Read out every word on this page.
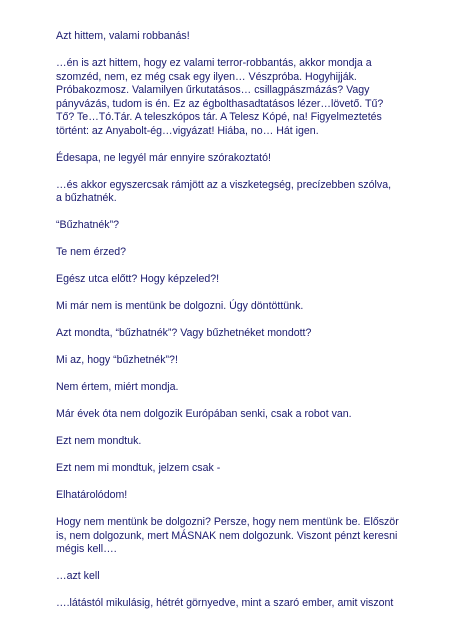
Azt hittem, valami robbanás!
…én is azt hittem, hogy ez valami terror-robbantás, akkor mondja a
szomzéd, nem, ez még csak egy ilyen… Vészpróba. Hogyhijják.
Próbakozmosz. Valamilyen űrkutatásos… csillagpászmázás? Vagy
pányvázás, tudom is én. Ez az égbolthasadtatásos lézer…lövető. Tű?
Tő? Te…Tó.Tár. A teleszkópos tár. A Telesz Kópé, na! Figyelmeztetés
történt: az Anyabolt-ég…vigyázat! Hiába, no… Hát igen.
Édesapa, ne legyél már ennyire szórakoztató!
…és akkor egyszercsak rámjött az a viszketegség, precízebben szólva,
a bűzhatnék.
“Bűzhatnék”?
Te nem érzed?
Egész utca előtt? Hogy képzeled?!
Mi már nem is mentünk be dolgozni. Úgy döntöttünk.
Azt mondta, “bűzhatnék”? Vagy bűzhetnéket mondott?
Mi az, hogy “bűzhetnék”?!
Nem értem, miért mondja.
Már évek óta nem dolgozik Európában senki, csak a robot van.
Ezt nem mondtuk.
Ezt nem mi mondtuk, jelzem csak -
Elhatárolódom!
Hogy nem mentünk be dolgozni? Persze, hogy nem mentünk be. Először
is, nem dolgozunk, mert MÁSNAK nem dolgozunk. Viszont pénzt keresni
mégis kell….
…azt kell
….látástól mikulásig, hétrét görnyedve, mint a szaró ember, amit viszont
